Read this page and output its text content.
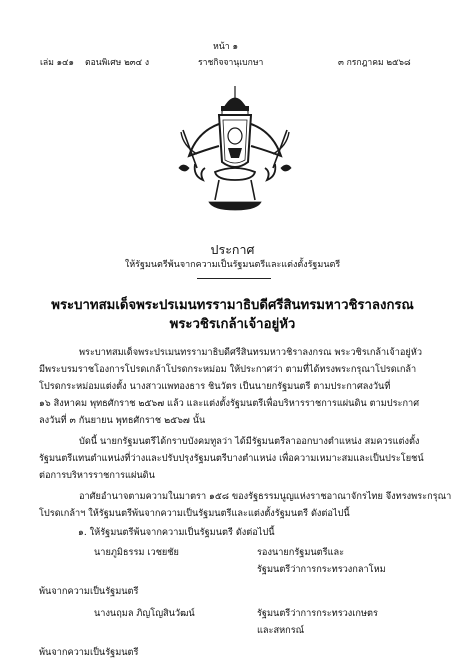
หน้า ๑
เล่ม ๑๔๑ ตอนพิเศษ ๒๓๔ ง	ราชกิจจานุเบกษา	๓ กรกฎาคม ๒๕๖๘
ประกาศ
ให้รัฐมนตรีพ้นจากความเป็นรัฐมนตรีและแต่งตั้งรัฐมนตรี
พระบาทสมเด็จพระปรเมนทรรามาธิบดีศรีสินทรมหาวชิราลงกรณ
พระวชิรเกล้าเจ้าอยู่หัว
พระบาทสมเด็จพระปรเมนทรรามาธิบดีศรีสินทรมหาวชิราลงกรณ พระวชิรเกล้าเจ้าอยู่หัว
มีพระบรมราชโองการโปรดเกล้าโปรดกระหม่อม ให้ประกาศว่า ตามที่ได้ทรงพระกรุณาโปรดเกล้า
โปรดกระหม่อมแต่งตั้ง นางสาวแพทองธาร ชินวัตร เป็นนายกรัฐมนตรี ตามประกาศลงวันที่
๑๖ สิงหาคม พุทธศักราช ๒๕๖๗ แล้ว และแต่งตั้งรัฐมนตรีเพื่อบริหารราชการแผ่นดิน ตามประกาศ
ลงวันที่ ๓ กันยายน พุทธศักราช ๒๕๖๗ นั้น
บัดนี้ นายกรัฐมนตรีได้กราบบังคมทูลว่า ได้มีรัฐมนตรีลาออกบางตำแหน่ง สมควรแต่งตั้ง
รัฐมนตรีแทนตำแหน่งที่ว่างและปรับปรุงรัฐมนตรีบางตำแหน่ง เพื่อความเหมาะสมและเป็นประโยชน์
ต่อการบริหารราชการแผ่นดิน
อาศัยอำนาจตามความในมาตรา ๑๕๘ ของรัฐธรรมนูญแห่งราชอาณาจักรไทย จึงทรงพระกรุณา
โปรดเกล้าฯ ให้รัฐมนตรีพ้นจากความเป็นรัฐมนตรีและแต่งตั้งรัฐมนตรี ดังต่อไปนี้
๑. ให้รัฐมนตรีพ้นจากความเป็นรัฐมนตรี ดังต่อไปนี้
นายภูมิธรรม เวชยชัย	รองนายกรัฐมนตรีและ
รัฐมนตรีว่าการกระทรวงกลาโหม
พ้นจากความเป็นรัฐมนตรี
นางนฤมล ภิญโญสินวัฒน์	รัฐมนตรีว่าการกระทรวงเกษตร
และสหกรณ์
พ้นจากความเป็นรัฐมนตรี
